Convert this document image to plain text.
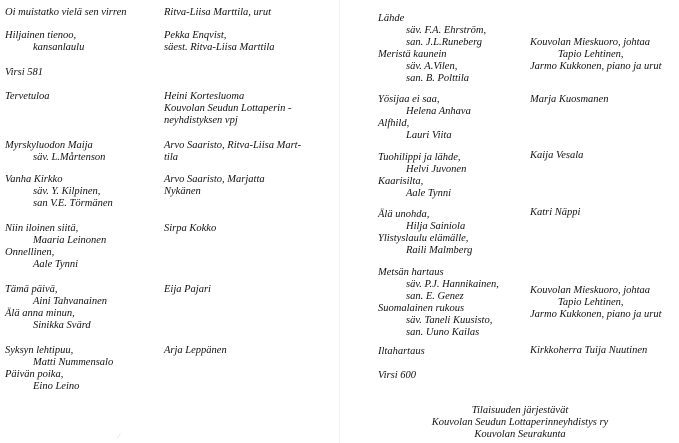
Oi muistatko vielä sen virren
Hiljainen tienoo,
kansanlaulu
Virsi 581
Tervetuloa
Myrskyluodon Maija
säv. L.Mårtenson
Vanha Kirkko
säv. Y. Kilpinen,
san V.E. Törmänen
Niin iloinen siitä,
Maaria Leinonen
Onnellinen,
Aale Tynni
Tämä päivä,
Aini Tahvanainen
Älä anna minun,
Sinikka Svärd
Syksyn lehtipuu,
Matti Nummensalo
Päivän poika,
Eino Leino
Ritva-Liisa Marttila, urut
Pekka Enqvist,
säest. Ritva-Liisa Marttila
Heini Kortesluoma
Kouvolan Seudun Lottaperin -
neyhdistyksen vpj
Arvo Saaristo, Ritva-Liisa Mart-
tila
Arvo Saaristo, Marjatta
Nykänen
Sirpa Kokko
Eija Pajari
Arja Leppänen
⁄
Lähde
säv. F.A. Ehrström,
san. J.L.Runeberg
Meristä kaunein
säv. A.Vilen,
san. B. Polttila
Yösijaa ei saa,
Helena Anhava
Alfhild,
Lauri Viita
Tuohilippi ja lähde,
Helvi Juvonen
Kaarisilta,
Aale Tynni
Älä unohda,
Hilja Sainiola
Ylistyslaulu elämälle,
Raili Malmberg
Metsän hartaus
säv. P.J. Hannikainen,
san. E. Genez
Suomalainen rukous
säv. Taneli Kuusisto,
san. Uuno Kailas
Iltahartaus
Virsi 600
Kouvolan Mieskuoro, johtaa
Tapio Lehtinen,
Jarmo Kukkonen, piano ja urut
Marja Kuosmanen
Kaija Vesala
Katri Näppi
Kouvolan Mieskuoro, johtaa
Tapio Lehtinen,
Jarmo Kukkonen, piano ja urut
Kirkkoherra Tuija Nuutinen
Tilaisuuden järjestävät
Kouvolan Seudun Lottaperinneyhdistys ry
Kouvolan Seurakunta
